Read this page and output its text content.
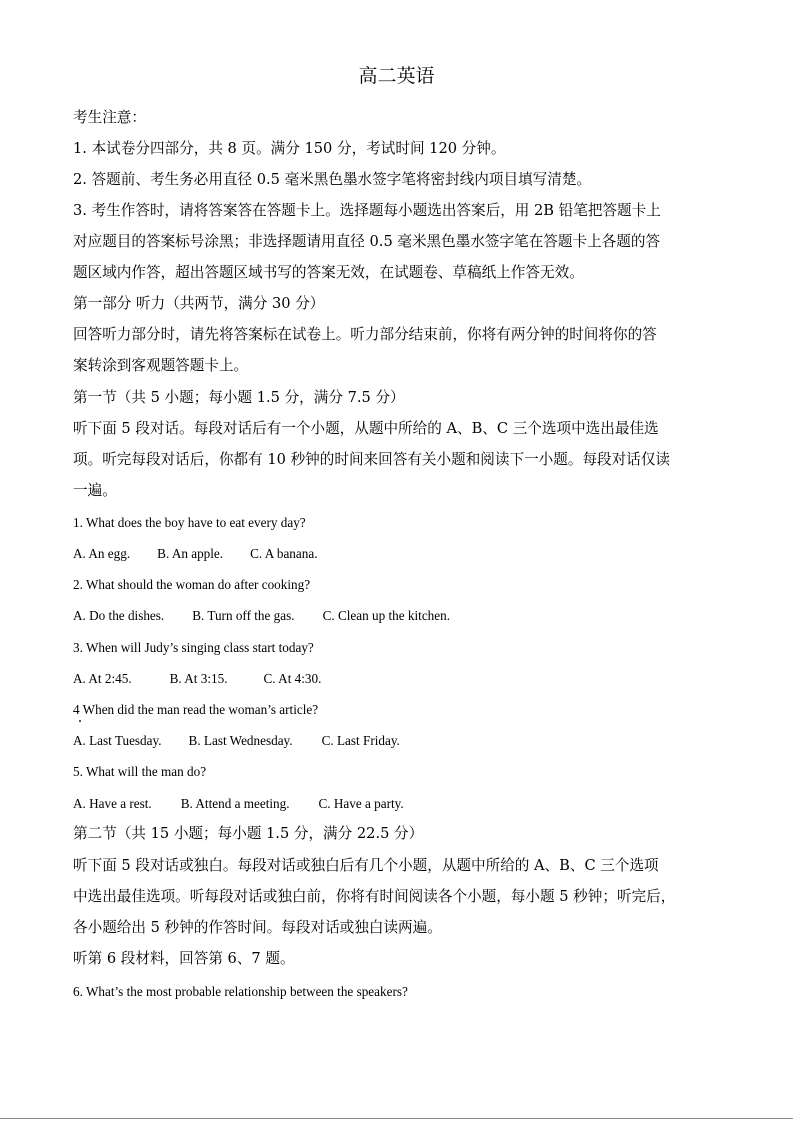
高二英语
考生注意：
1. 本试卷分四部分，共 8 页。满分 150 分，考试时间 120 分钟。
2. 答题前、考生务必用直径 0.5 毫米黑色墨水签字笔将密封线内项目填写清楚。
3. 考生作答时，请将答案答在答题卡上。选择题每小题选出答案后，用 2B 铅笔把答题卡上
对应题目的答案标号涂黑；非选择题请用直径 0.5 毫米黑色墨水签字笔在答题卡上各题的答
题区域内作答，超出答题区域书写的答案无效，在试题卷、草稿纸上作答无效。
第一部分 听力（共两节，满分 30 分）
回答听力部分时，请先将答案标在试卷上。听力部分结束前，你将有两分钟的时间将你的答
案转涂到客观题答题卡上。
第一节（共 5 小题；每小题 1.5 分，满分 7.5 分）
听下面 5 段对话。每段对话后有一个小题，从题中所给的 A、B、C 三个选项中选出最佳选
项。听完每段对话后，你都有 10 秒钟的时间来回答有关小题和阅读下一小题。每段对话仅读
一遍。
1. What does the boy have to eat every day?
A. An egg. B. An apple. C. A banana.
2. What should the woman do after cooking?
A. Do the dishes. B. Turn off the gas. C. Clean up the kitchen.
3. When will Judy’s singing class start today?
A. At 2:45.	B. At 3:15.	C. At 4:30.
4 When did the man read the woman’s article?
A. Last Tuesday. B. Last Wednesday. C. Last Friday.
5. What will the man do?
A. Have a rest. B. Attend a meeting. C. Have a party.
第二节（共 15 小题；每小题 1.5 分，满分 22.5 分）
听下面 5 段对话或独白。每段对话或独白后有几个小题，从题中所给的 A、B、C 三个选项
中选出最佳选项。听每段对话或独白前，你将有时间阅读各个小题，每小题 5 秒钟；听完后，
各小题给出 5 秒钟的作答时间。每段对话或独白读两遍。
听第 6 段材料，回答第 6、7 题。
6. What’s the most probable relationship between the speakers?
